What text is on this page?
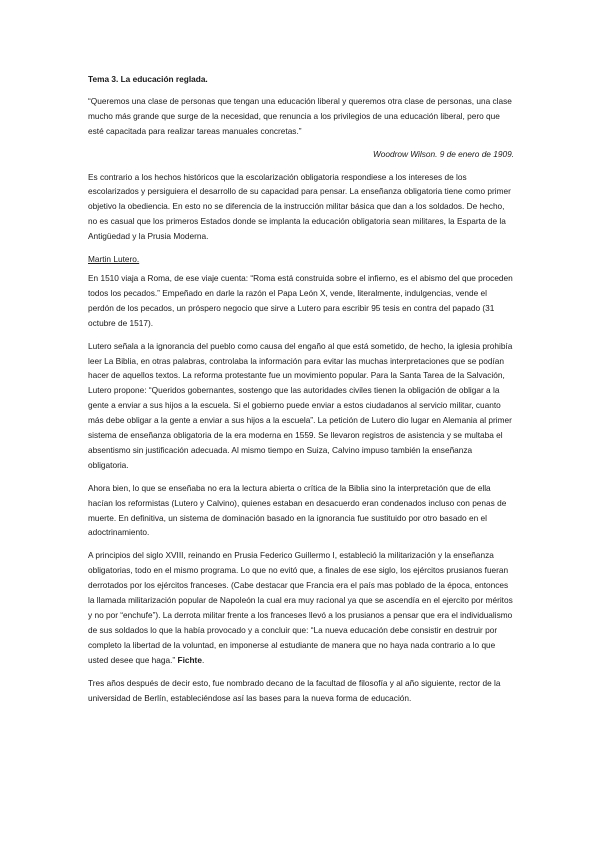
Tema 3. La educación reglada.

“Queremos una clase de personas que tengan una educación liberal y queremos otra clase de personas, una clase mucho más grande que surge de la necesidad, que renuncia a los privilegios de una educación liberal, pero que esté capacitada para realizar tareas manuales concretas.”

Woodrow Wilson. 9 de enero de 1909.

Es contrario a los hechos históricos que la escolarización obligatoria respondiese a los intereses de los escolarizados y persiguiera el desarrollo de su capacidad para pensar. La enseñanza obligatoria tiene como primer objetivo la obediencia. En esto no se diferencia de la instrucción militar básica que dan a los soldados. De hecho, no es casual que los primeros Estados donde se implanta la educación obligatoria sean militares, la Esparta de la Antigüedad y la Prusia Moderna.

Martin Lutero.

En 1510 viaja a Roma, de ese viaje cuenta: “Roma está construida sobre el infierno, es el abismo del que proceden todos los pecados.” Empeñado en darle la razón el Papa León X, vende, literalmente, indulgencias, vende el perdón de los pecados, un próspero negocio que sirve a Lutero para escribir 95 tesis en contra del papado (31 octubre de 1517).

Lutero señala a la ignorancia del pueblo como causa del engaño al que está sometido, de hecho, la iglesia prohibía leer La Biblia, en otras palabras, controlaba la información para evitar las muchas interpretaciones que se podían hacer de aquellos textos. La reforma protestante fue un movimiento popular. Para la Santa Tarea de la Salvación, Lutero propone: “Queridos gobernantes, sostengo que las autoridades civiles tienen la obligación de obligar a la gente a enviar a sus hijos a la escuela. Si el gobierno puede enviar a estos ciudadanos al servicio militar, cuanto más debe obligar a la gente a enviar a sus hijos a la escuela”. La petición de Lutero dio lugar en Alemania al primer sistema de enseñanza obligatoria de la era moderna en 1559. Se llevaron registros de asistencia y se multaba el absentismo sin justificación adecuada. Al mismo tiempo en Suiza, Calvino impuso también la enseñanza obligatoria.

Ahora bien, lo que se enseñaba no era la lectura abierta o crítica de la Biblia sino la interpretación que de ella hacían los reformistas (Lutero y Calvino), quienes estaban en desacuerdo eran condenados incluso con penas de muerte. En definitiva, un sistema de dominación basado en la ignorancia fue sustituido por otro basado en el adoctrinamiento.

A principios del siglo XVIII, reinando en Prusia Federico Guillermo I, estableció la militarización y la enseñanza obligatorias, todo en el mismo programa. Lo que no evitó que, a finales de ese siglo, los ejércitos prusianos fueran derrotados por los ejércitos franceses. (Cabe destacar que Francia era el país mas poblado de la época, entonces la llamada militarización popular de Napoleón la cual era muy racional ya que se ascendía en el ejercito por méritos y no por “enchufe”). La derrota militar frente a los franceses llevó a los prusianos a pensar que era el individualismo de sus soldados lo que la había provocado y a concluir que: “La nueva educación debe consistir en destruir por completo la libertad de la voluntad, en imponerse al estudiante de manera que no haya nada contrario a lo que usted desee que haga.” Fichte.

Tres años después de decir esto, fue nombrado decano de la facultad de filosofía y al año siguiente, rector de la universidad de Berlín, estableciéndose así las bases para la nueva forma de educación.
